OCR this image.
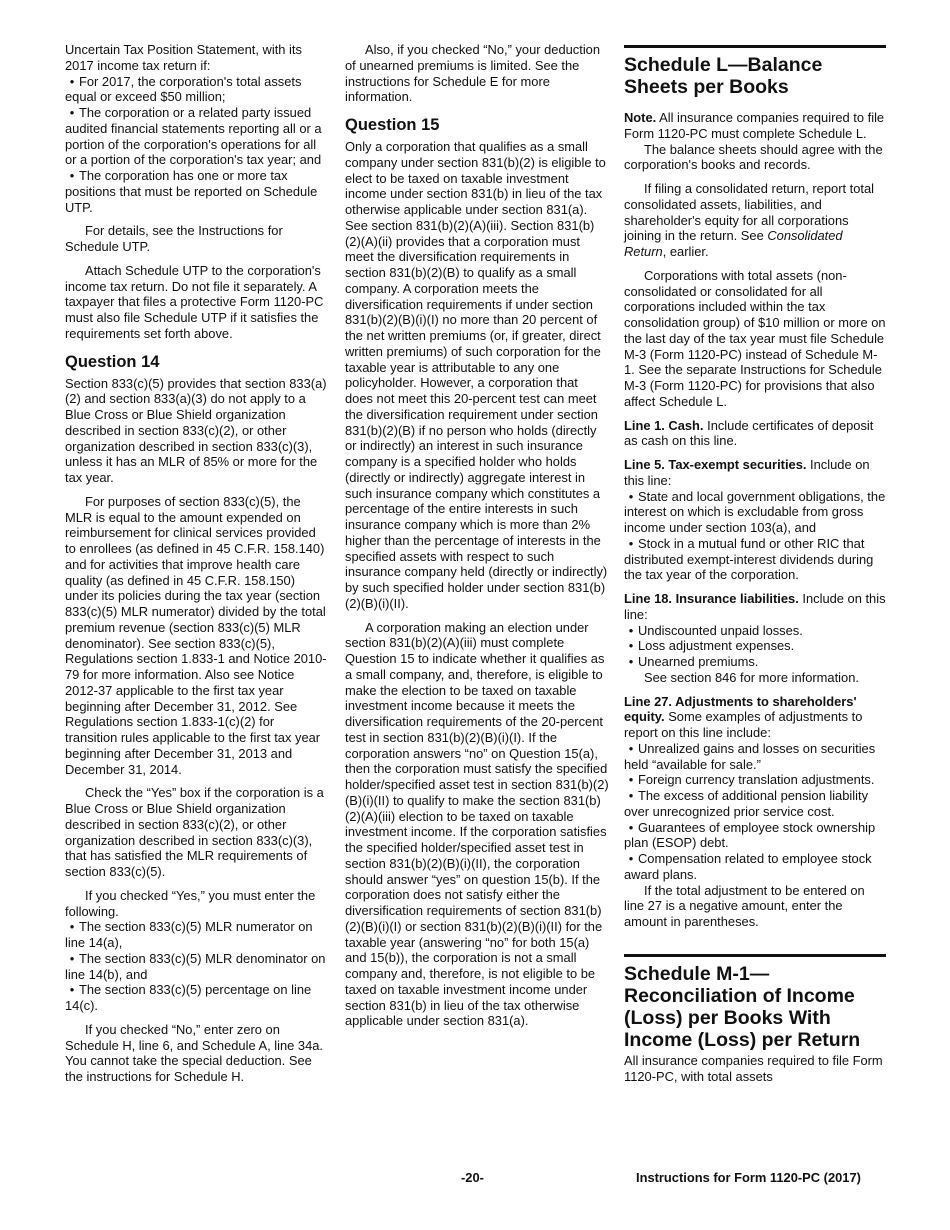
Uncertain Tax Position Statement, with its 2017 income tax return if:

• For 2017, the corporation's total assets equal or exceed $50 million;
• The corporation or a related party issued audited financial statements reporting all or a portion of the corporation's operations for all or a portion of the corporation's tax year; and
• The corporation has one or more tax positions that must be reported on Schedule UTP.

For details, see the Instructions for Schedule UTP.

Attach Schedule UTP to the corporation's income tax return. Do not file it separately. A taxpayer that files a protective Form 1120-PC must also file Schedule UTP if it satisfies the requirements set forth above.

Question 14

Section 833(c)(5) provides that section 833(a)(2) and section 833(a)(3) do not apply to a Blue Cross or Blue Shield organization described in section 833(c)(2), or other organization described in section 833(c)(3), unless it has an MLR of 85% or more for the tax year.

For purposes of section 833(c)(5), the MLR is equal to the amount expended on reimbursement for clinical services provided to enrollees (as defined in 45 C.F.R. 158.140) and for activities that improve health care quality (as defined in 45 C.F.R. 158.150) under its policies during the tax year (section 833(c)(5) MLR numerator) divided by the total premium revenue (section 833(c)(5) MLR denominator). See section 833(c)(5), Regulations section 1.833-1 and Notice 2010-79 for more information. Also see Notice 2012-37 applicable to the first tax year beginning after December 31, 2012. See Regulations section 1.833-1(c)(2) for transition rules applicable to the first tax year beginning after December 31, 2013 and December 31, 2014.

Check the “Yes” box if the corporation is a Blue Cross or Blue Shield organization described in section 833(c)(2), or other organization described in section 833(c)(3), that has satisfied the MLR requirements of section 833(c)(5).

If you checked “Yes,” you must enter the following.

• The section 833(c)(5) MLR numerator on line 14(a),
• The section 833(c)(5) MLR denominator on line 14(b), and
• The section 833(c)(5) percentage on line 14(c).

If you checked “No,” enter zero on Schedule H, line 6, and Schedule A, line 34a. You cannot take the special deduction. See the instructions for Schedule H.

Also, if you checked “No,” your deduction of unearned premiums is limited. See the instructions for Schedule E for more information.

Question 15

Only a corporation that qualifies as a small company under section 831(b)(2) is eligible to elect to be taxed on taxable investment income under section 831(b) in lieu of the tax otherwise applicable under section 831(a). See section 831(b)(2)(A)(iii). Section 831(b)(2)(A)(ii) provides that a corporation must meet the diversification requirements in section 831(b)(2)(B) to qualify as a small company. A corporation meets the diversification requirements if under section 831(b)(2)(B)(i)(I) no more than 20 percent of the net written premiums (or, if greater, direct written premiums) of such corporation for the taxable year is attributable to any one policyholder. However, a corporation that does not meet this 20-percent test can meet the diversification requirement under section 831(b)(2)(B) if no person who holds (directly or indirectly) an interest in such insurance company is a specified holder who holds (directly or indirectly) aggregate interest in such insurance company which constitutes a percentage of the entire interests in such insurance company which is more than 2% higher than the percentage of interests in the specified assets with respect to such insurance company held (directly or indirectly) by such specified holder under section 831(b)(2)(B)(i)(II).

A corporation making an election under section 831(b)(2)(A)(iii) must complete Question 15 to indicate whether it qualifies as a small company, and, therefore, is eligible to make the election to be taxed on taxable investment income because it meets the diversification requirements of the 20-percent test in section 831(b)(2)(B)(i)(I). If the corporation answers “no” on Question 15(a), then the corporation must satisfy the specified holder/specified asset test in section 831(b)(2)(B)(i)(II) to qualify to make the section 831(b)(2)(A)(iii) election to be taxed on taxable investment income. If the corporation satisfies the specified holder/specified asset test in section 831(b)(2)(B)(i)(II), the corporation should answer “yes” on question 15(b). If the corporation does not satisfy either the diversification requirements of section 831(b)(2)(B)(i)(I) or section 831(b)(2)(B)(i)(II) for the taxable year (answering “no” for both 15(a) and 15(b)), the corporation is not a small company and, therefore, is not eligible to be taxed on taxable investment income under section 831(b) in lieu of the tax otherwise applicable under section 831(a).

Schedule L—Balance Sheets per Books

Note. All insurance companies required to file Form 1120-PC must complete Schedule L.

The balance sheets should agree with the corporation's books and records.

If filing a consolidated return, report total consolidated assets, liabilities, and shareholder's equity for all corporations joining in the return. See Consolidated Return, earlier.

Corporations with total assets (non-consolidated or consolidated for all corporations included within the tax consolidation group) of $10 million or more on the last day of the tax year must file Schedule M-3 (Form 1120-PC) instead of Schedule M-1. See the separate Instructions for Schedule M-3 (Form 1120-PC) for provisions that also affect Schedule L.

Line 1. Cash. Include certificates of deposit as cash on this line.

Line 5. Tax-exempt securities. Include on this line:

• State and local government obligations, the interest on which is excludable from gross income under section 103(a), and
• Stock in a mutual fund or other RIC that distributed exempt-interest dividends during the tax year of the corporation.

Line 18. Insurance liabilities. Include on this line:

• Undiscounted unpaid losses.
• Loss adjustment expenses.
• Unearned premiums.

See section 846 for more information.

Line 27. Adjustments to shareholders' equity. Some examples of adjustments to report on this line include:

• Unrealized gains and losses on securities held “available for sale.”
• Foreign currency translation adjustments.
• The excess of additional pension liability over unrecognized prior service cost.
• Guarantees of employee stock ownership plan (ESOP) debt.
• Compensation related to employee stock award plans.

If the total adjustment to be entered on line 27 is a negative amount, enter the amount in parentheses.

Schedule M-1—Reconciliation of Income (Loss) per Books With Income (Loss) per Return

All insurance companies required to file Form 1120-PC, with total assets

-20-	Instructions for Form 1120-PC (2017)
